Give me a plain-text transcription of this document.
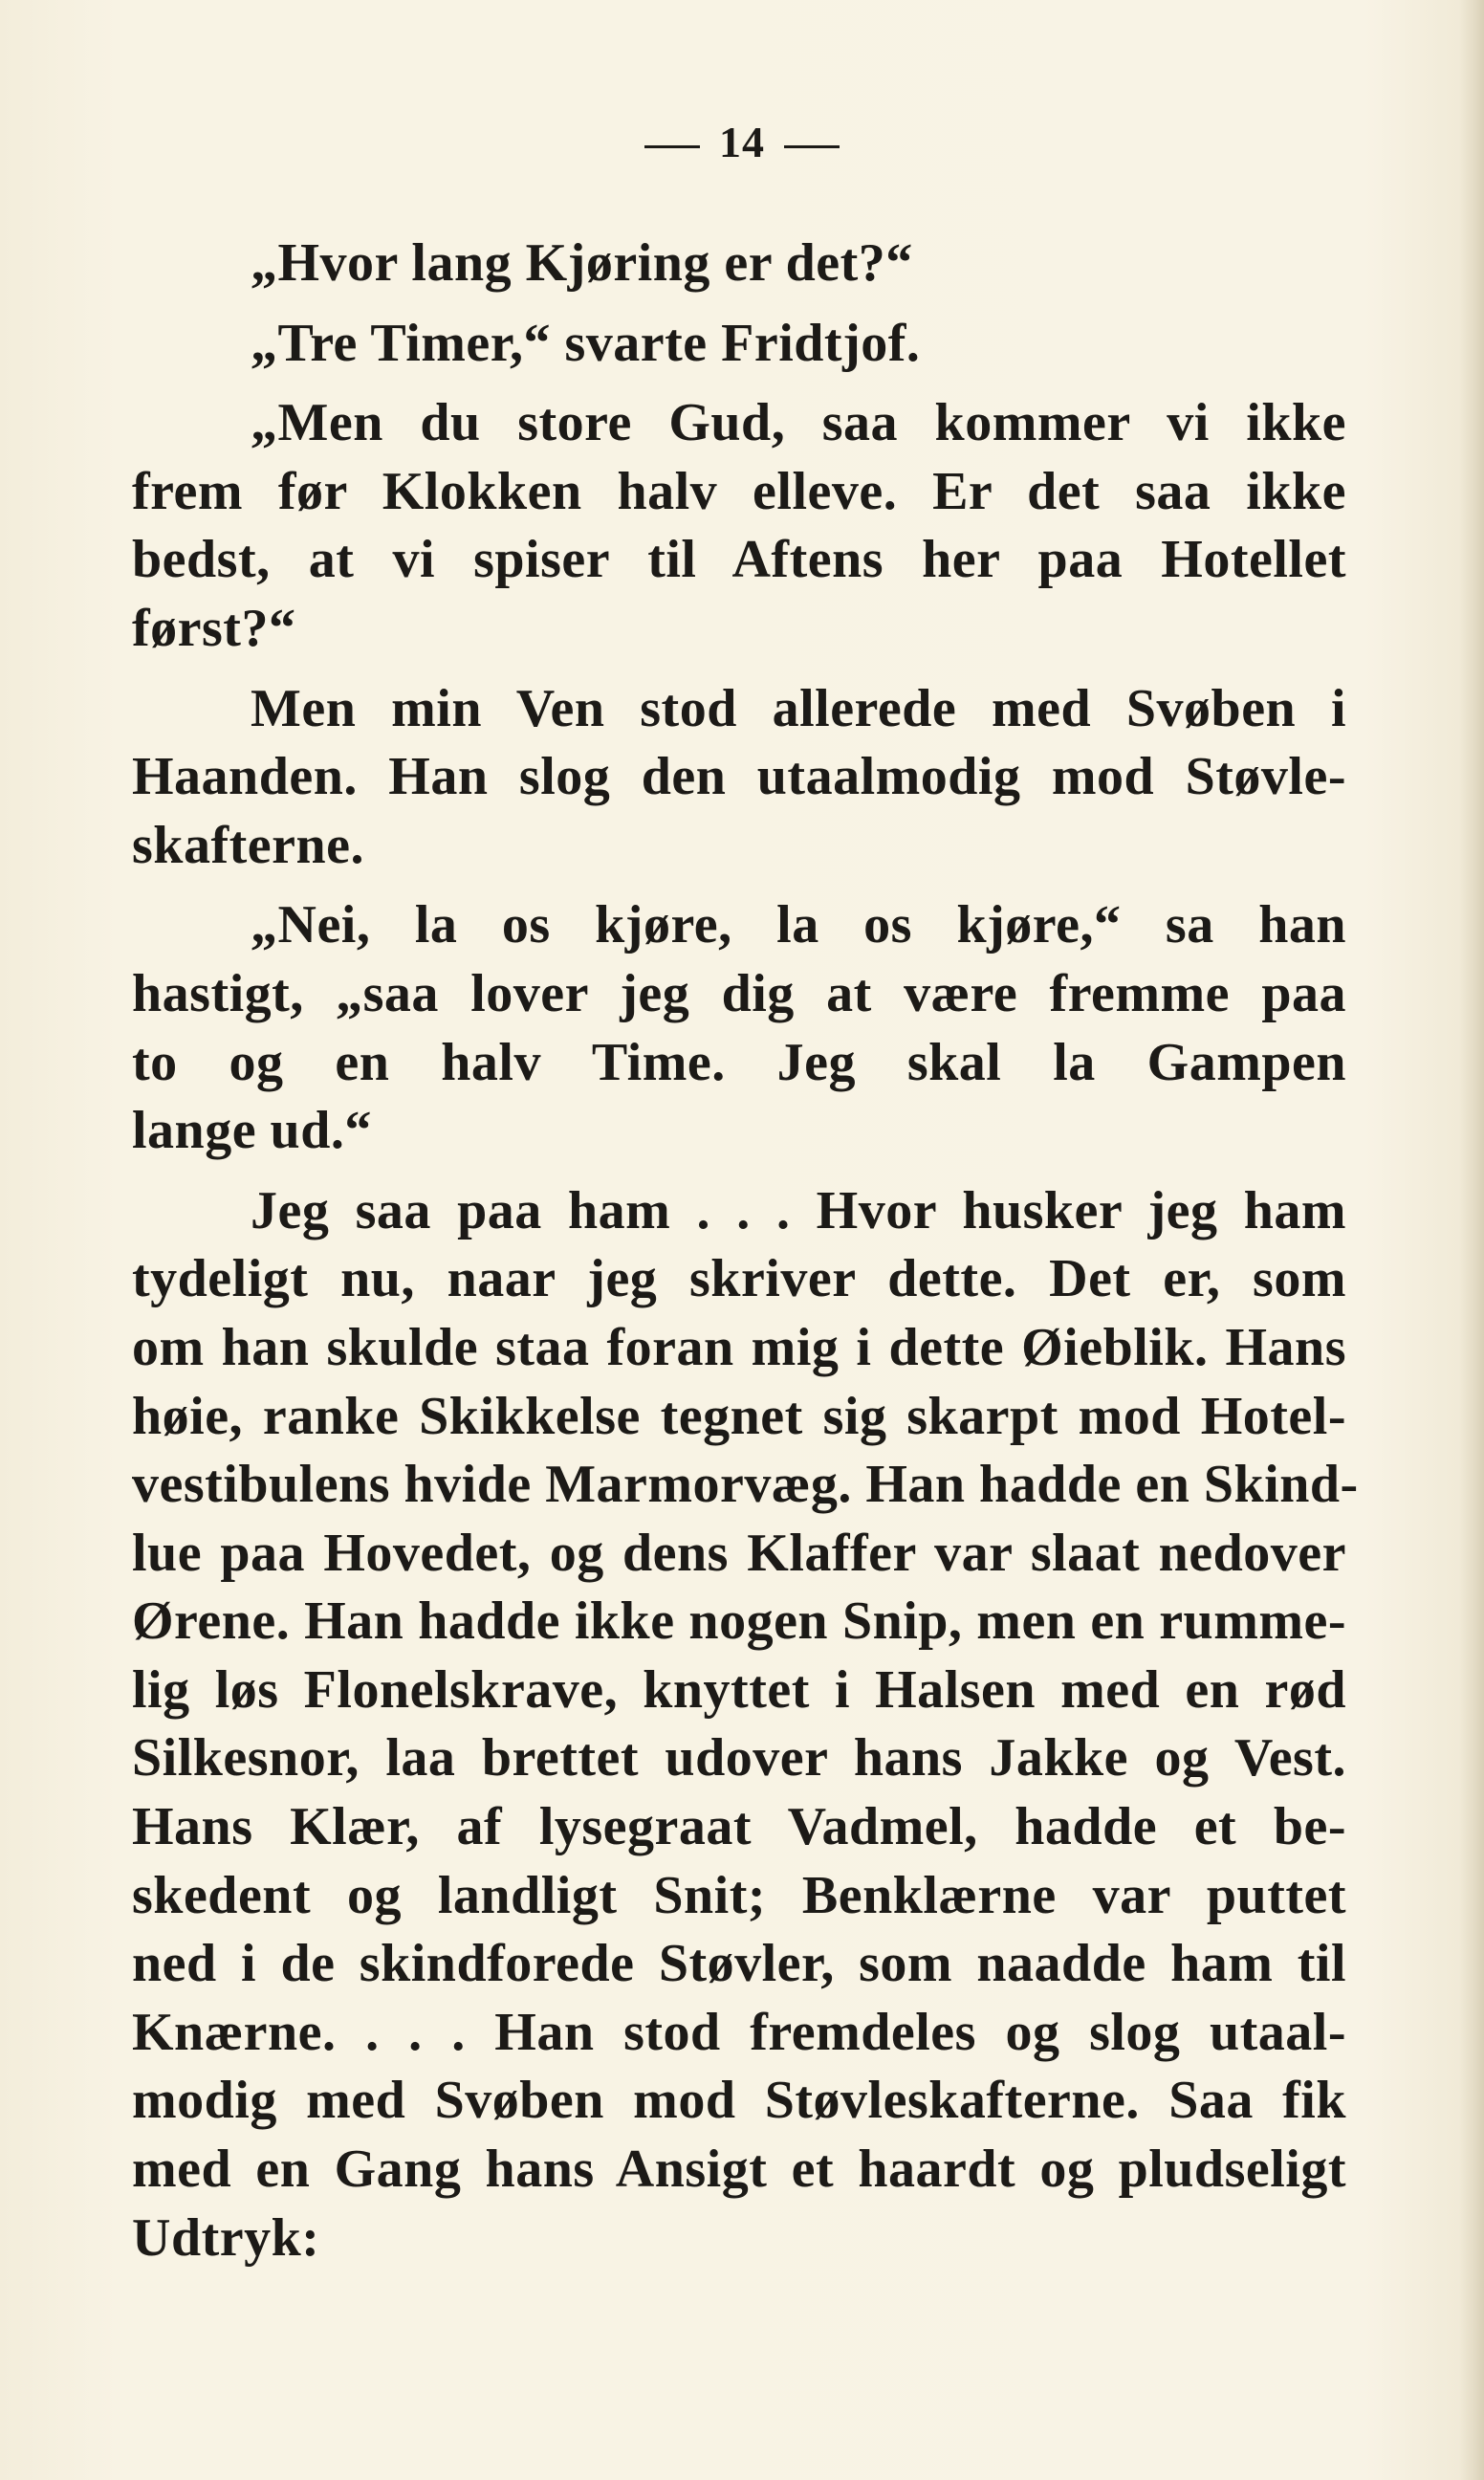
14
„Hvor lang Kjøring er det?“
„Tre Timer,“ svarte Fridtjof.
„Men du store Gud, saa kommer vi ikke
frem før Klokken halv elleve. Er det saa ikke
bedst, at vi spiser til Aftens her paa Hotellet
først?“
Men min Ven stod allerede med Svøben i
Haanden. Han slog den utaalmodig mod Støvle-
skafterne.
„Nei, la os kjøre, la os kjøre,“ sa han
hastigt, „saa lover jeg dig at være fremme paa
to og en halv Time. Jeg skal la Gampen
lange ud.“
Jeg saa paa ham . . . Hvor husker jeg ham
tydeligt nu, naar jeg skriver dette. Det er, som
om han skulde staa foran mig i dette Øieblik. Hans
høie, ranke Skikkelse tegnet sig skarpt mod Hotel-
vestibulens hvide Marmorvæg. Han hadde en Skind-
lue paa Hovedet, og dens Klaffer var slaat nedover
Ørene. Han hadde ikke nogen Snip, men en rumme-
lig løs Flonelskrave, knyttet i Halsen med en rød
Silkesnor, laa brettet udover hans Jakke og Vest.
Hans Klær, af lysegraat Vadmel, hadde et be-
skedent og landligt Snit; Benklærne var puttet
ned i de skindforede Støvler, som naadde ham til
Knærne. . . . Han stod fremdeles og slog utaal-
modig med Svøben mod Støvleskafterne. Saa fik
med en Gang hans Ansigt et haardt og pludseligt
Udtryk:
